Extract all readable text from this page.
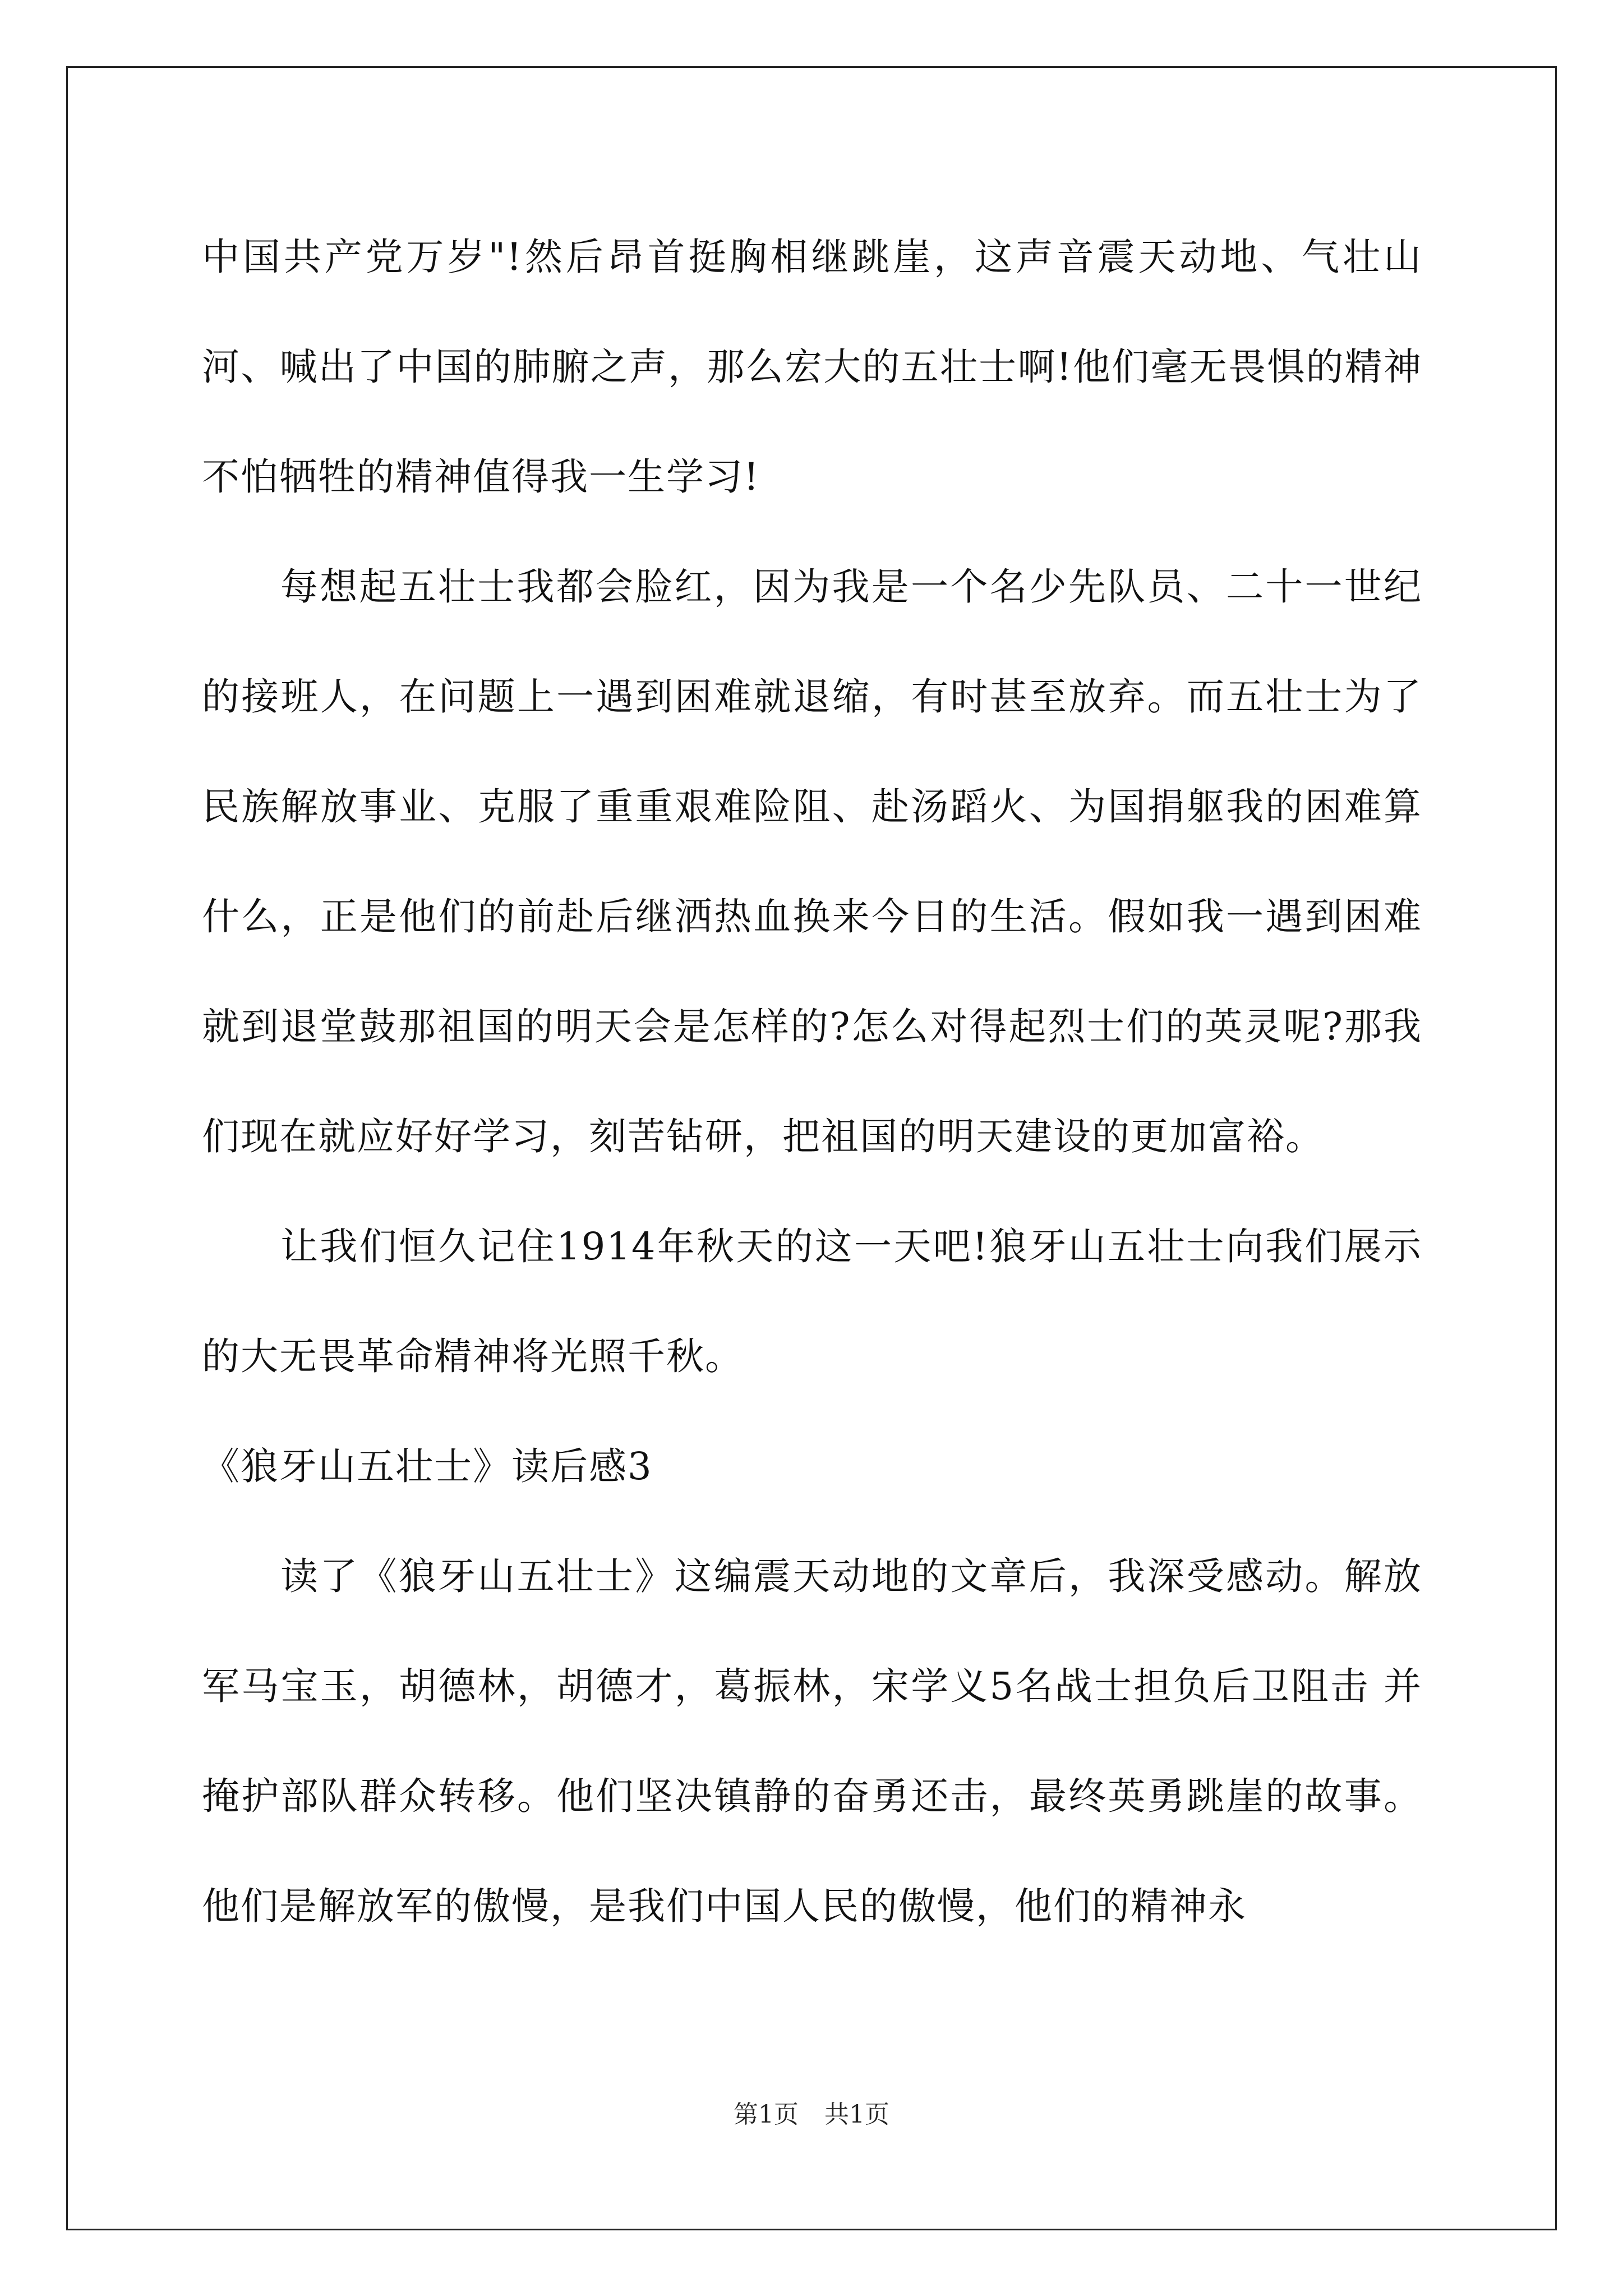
中国共产党万岁"!然后昂首挺胸相继跳崖，这声音震天动地、气壮山河、喊出了中国的肺腑之声，那么宏大的五壮士啊!他们毫无畏惧的精神不怕牺牲的精神值得我一生学习!

每想起五壮士我都会脸红，因为我是一个名少先队员、二十一世纪的接班人，在问题上一遇到困难就退缩，有时甚至放弃。而五壮士为了民族解放事业、克服了重重艰难险阻、赴汤蹈火、为国捐躯我的困难算什么，正是他们的前赴后继洒热血换来今日的生活。假如我一遇到困难就到退堂鼓那祖国的明天会是怎样的?怎么对得起烈士们的英灵呢?那我们现在就应好好学习，刻苦钻研，把祖国的明天建设的更加富裕。

让我们恒久记住1914年秋天的这一天吧!狼牙山五壮士向我们展示的大无畏革命精神将光照千秋。

《狼牙山五壮士》读后感3

读了《狼牙山五壮士》这编震天动地的文章后，我深受感动。解放军马宝玉，胡德林，胡德才，葛振林，宋学义5名战士担负后卫阻击 并掩护部队群众转移。他们坚决镇静的奋勇还击，最终英勇跳崖的故事。他们是解放军的傲慢，是我们中国人民的傲慢，他们的精神永

第1页 共1页
